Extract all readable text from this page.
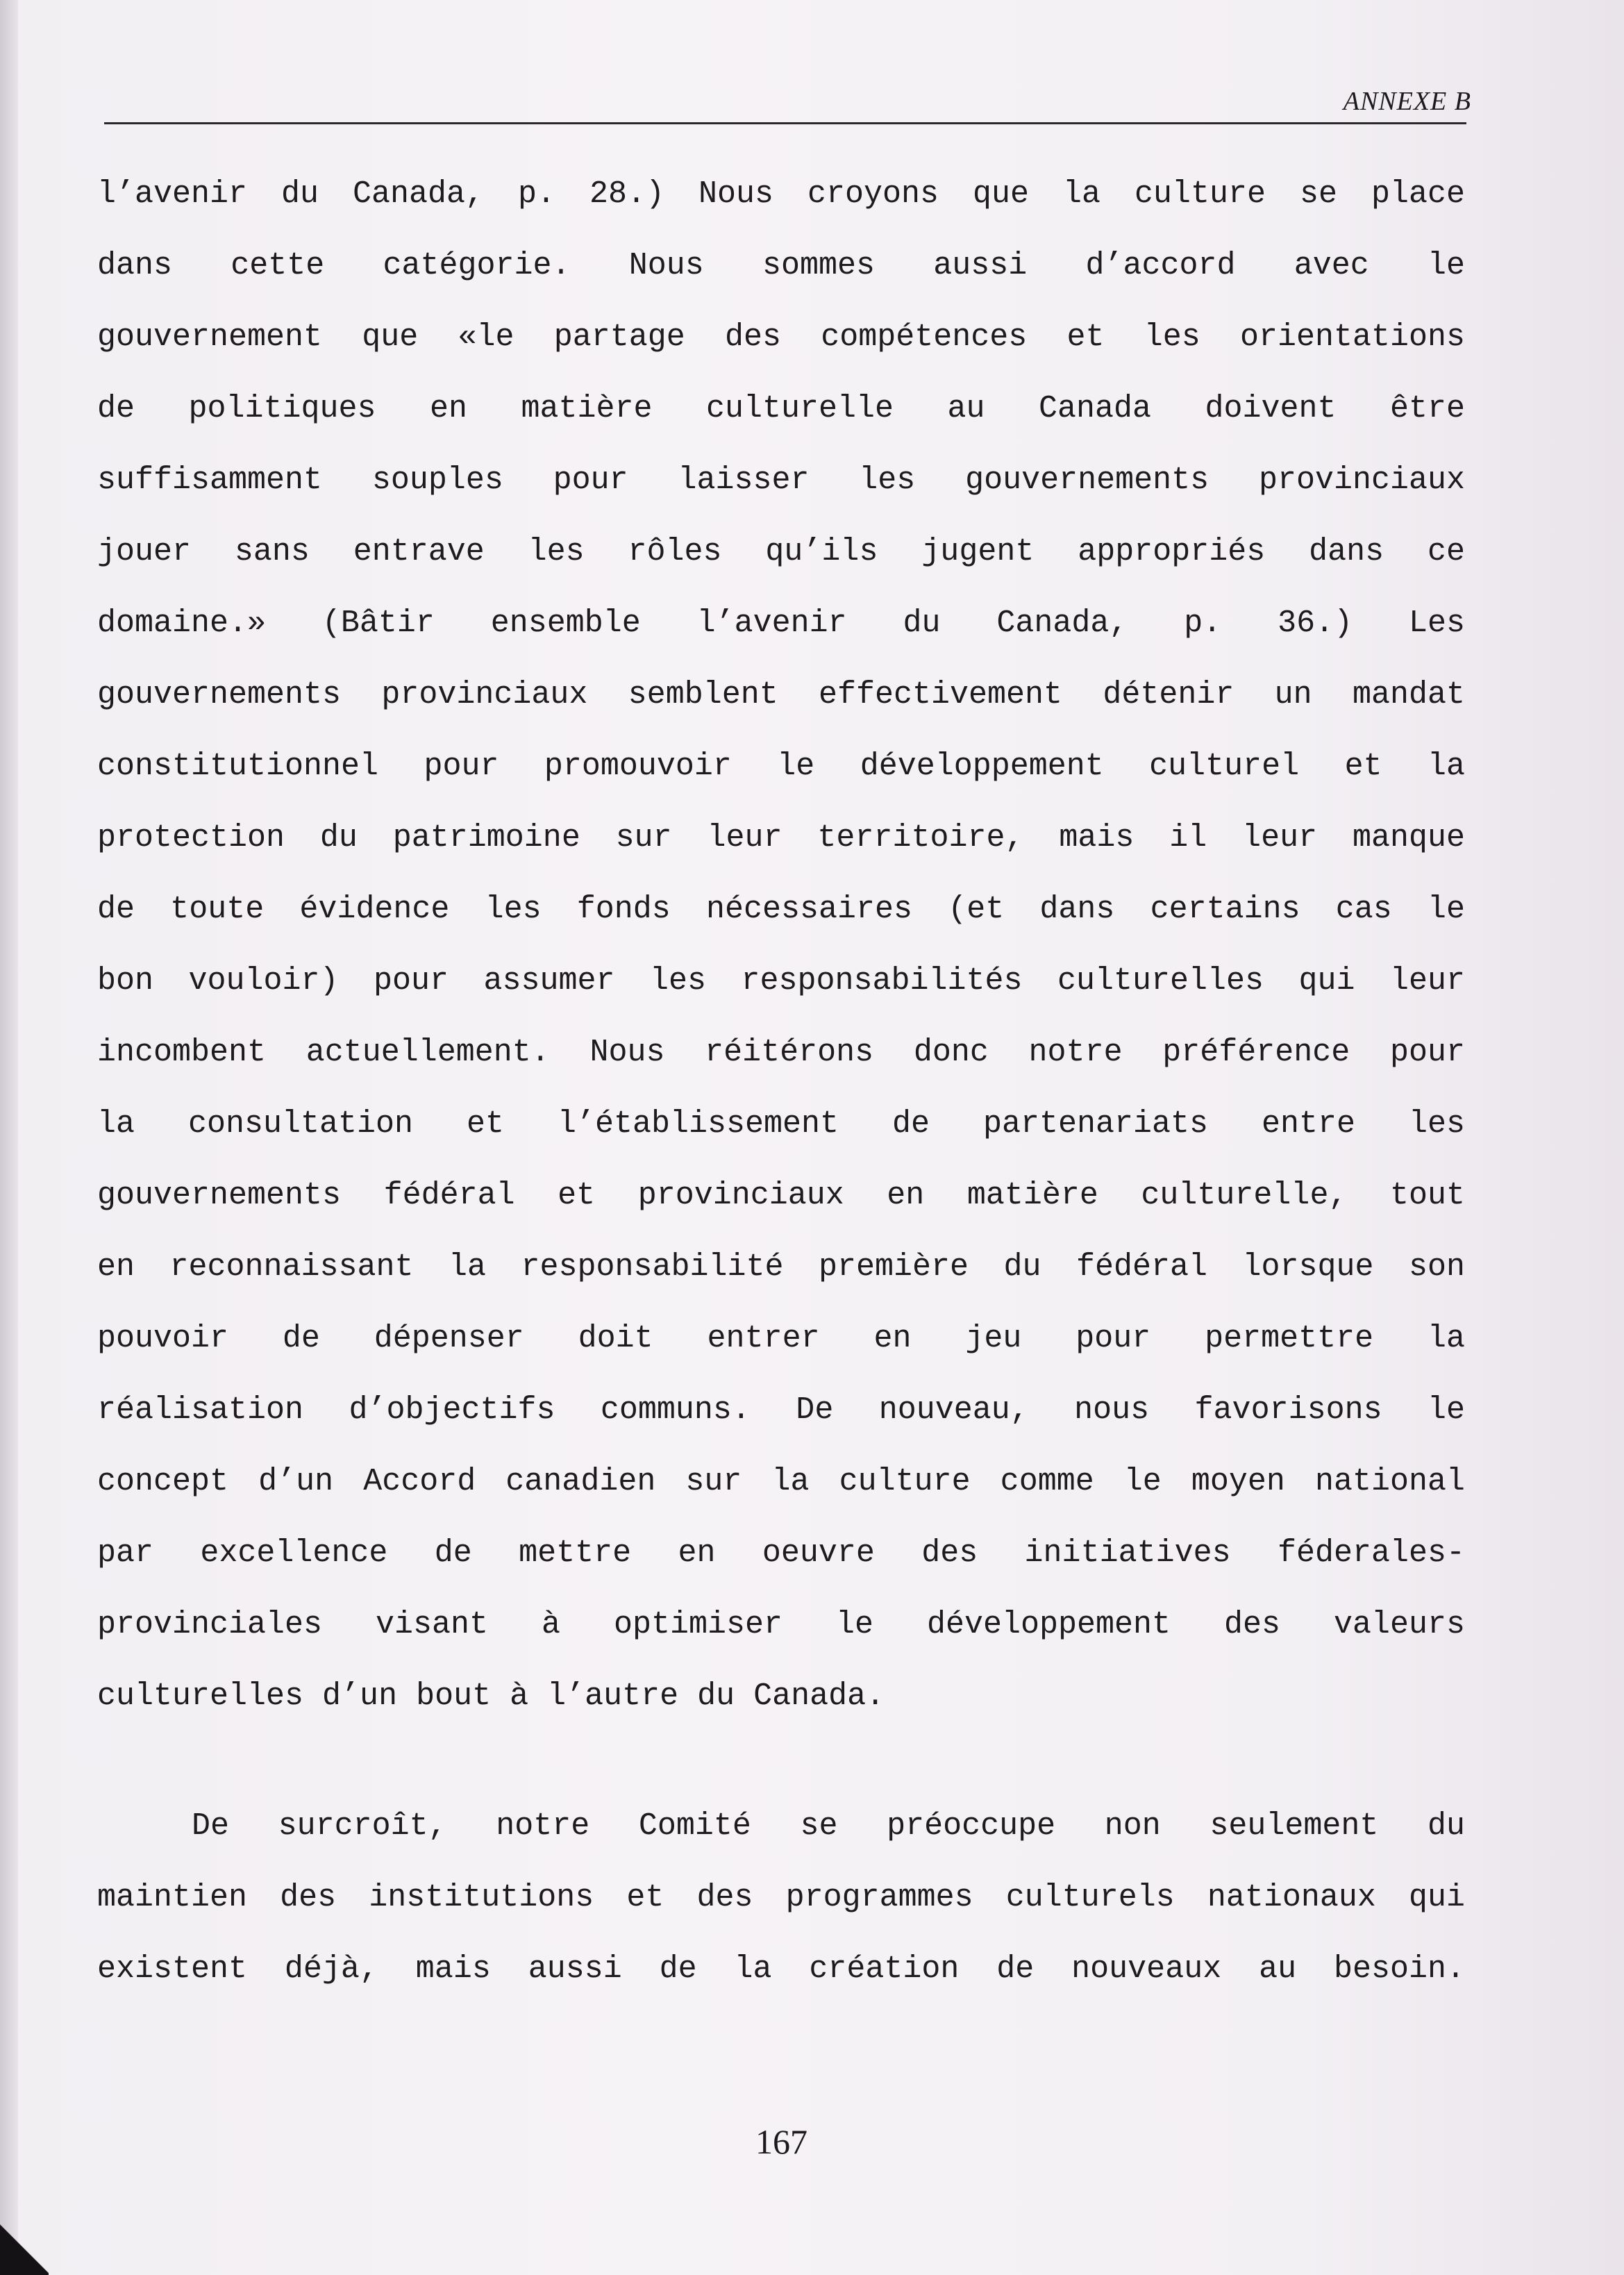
ANNEXE B
l’avenir du Canada, p. 28.) Nous croyons que la culture se place
dans cette catégorie. Nous sommes aussi d’accord avec le
gouvernement que «le partage des compétences et les orientations
de politiques en matière culturelle au Canada doivent être
suffisamment souples pour laisser les gouvernements provinciaux
jouer sans entrave les rôles qu’ils jugent appropriés dans ce
domaine.» (Bâtir ensemble l’avenir du Canada, p. 36.) Les
gouvernements provinciaux semblent effectivement détenir un mandat
constitutionnel pour promouvoir le développement culturel et la
protection du patrimoine sur leur territoire, mais il leur manque
de toute évidence les fonds nécessaires (et dans certains cas le
bon vouloir) pour assumer les responsabilités culturelles qui leur
incombent actuellement. Nous réitérons donc notre préférence pour
la consultation et l’établissement de partenariats entre les
gouvernements fédéral et provinciaux en matière culturelle, tout
en reconnaissant la responsabilité première du fédéral lorsque son
pouvoir de dépenser doit entrer en jeu pour permettre la
réalisation d’objectifs communs. De nouveau, nous favorisons le
concept d’un Accord canadien sur la culture comme le moyen national
par excellence de mettre en oeuvre des initiatives féderales-
provinciales visant à optimiser le développement des valeurs
culturelles d’un bout à l’autre du Canada.
De surcroît, notre Comité se préoccupe non seulement du
maintien des institutions et des programmes culturels nationaux qui
existent déjà, mais aussi de la création de nouveaux au besoin.
167
